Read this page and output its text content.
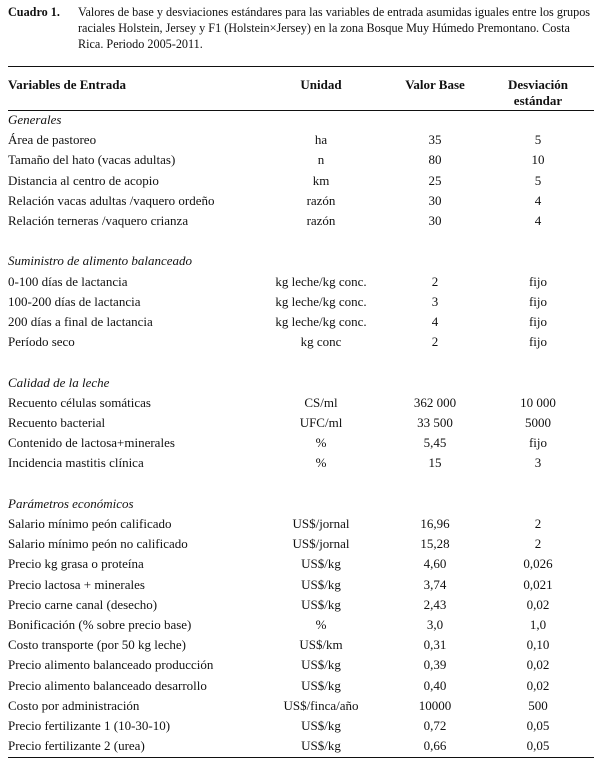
Cuadro 1. Valores de base y desviaciones estándares para las variables de entrada asumidas iguales entre los grupos raciales Holstein, Jersey y F1 (Holstein×Jersey) en la zona Bosque Muy Húmedo Premontano. Costa Rica. Periodo 2005-2011.
Variables de Entrada	Unidad	Valor Base	Desviación
estándar
Generales
Área de pastoreo	ha	35	5
Tamaño del hato (vacas adultas)	n	80	10
Distancia al centro de acopio	km	25	5
Relación vacas adultas /vaquero ordeño	razón	30	4
Relación terneras /vaquero crianza	razón	30	4
Suministro de alimento balanceado
0-100 días de lactancia	kg leche/kg conc.	2	fijo
100-200 días de lactancia	kg leche/kg conc.	3	fijo
200 días a final de lactancia	kg leche/kg conc.	4	fijo
Período seco	kg conc	2	fijo
Calidad de la leche
Recuento células somáticas	CS/ml	362 000	10 000
Recuento bacterial	UFC/ml	33 500	5000
Contenido de lactosa+minerales	%	5,45	fijo
Incidencia mastitis clínica	%	15	3
Parámetros económicos
Salario mínimo peón calificado	US$/jornal	16,96	2
Salario mínimo peón no calificado	US$/jornal	15,28	2
Precio kg grasa o proteína	US$/kg	4,60	0,026
Precio lactosa + minerales	US$/kg	3,74	0,021
Precio carne canal (desecho)	US$/kg	2,43	0,02
Bonificación (% sobre precio base)	%	3,0	1,0
Costo transporte (por 50 kg leche)	US$/km	0,31	0,10
Precio alimento balanceado producción	US$/kg	0,39	0,02
Precio alimento balanceado desarrollo	US$/kg	0,40	0,02
Costo por administración	US$/finca/año	10000	500
Precio fertilizante 1 (10-30-10)	US$/kg	0,72	0,05
Precio fertilizante 2 (urea)	US$/kg	0,66	0,05
